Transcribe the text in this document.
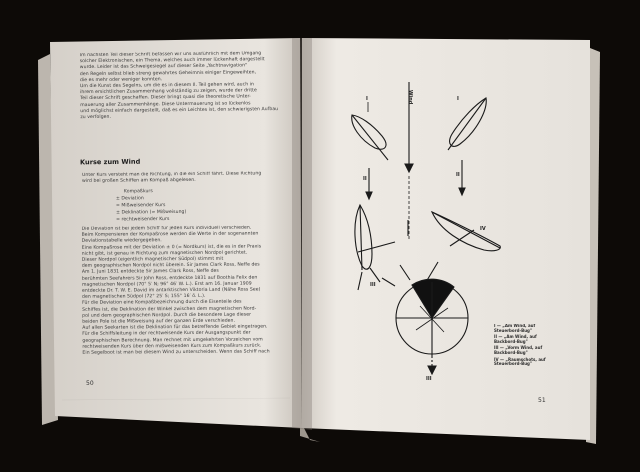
Im nächsten Teil dieser Schrift befassen wir uns ausführlich mit dem Umgang
solcher Elektronischen, ein Thema, welches auch immer lückenhaft dargestellt
wurde. Leider ist das Schweigesiegel auf dieser Seite „Yachtnavigation"
den Regeln selbst blieb streng gewahrtes Geheimnis einiger Eingeweihten,
die es mehr oder weniger konnten.
Um die Kunst des Segelns, um die es in diesem II. Teil gehen wird, auch in
ihrem ersichtlichen Zusammenhang vollständig zu zeigen, wurde der dritte
Teil dieser Schrift geschaffen. Dieser bringt quasi die theoretische Unter-
mauerung aller Zusammenhänge. Diese Untermauerung ist so lückenlos
und möglichst einfach dargestellt, daß es ein Leichtes ist, den schwierigsten Aufbau
zu verfolgen.
Kurse zum Wind
Unter Kurs versteht man die Richtung, in die ein Schiff fährt. Diese Richtung
wird bei großen Schiffen am Kompaß abgelesen.
Kompaßkurs
± Deviation
= Mißweisender Kurs
± Deklination (= Mißweisung)
= rechtweisender Kurs
Die Deviation ist bei jedem Schiff für jeden Kurs individuell verschieden.
Beim Kompensieren der Kompaßrose werden die Werte in der sogenannten
Deviationstabelle wiedergegeben.
Eine Kompaßrose mit der Deviation ± 0 (= Nordkurs) ist, die es in der Praxis
nicht gibt, ist genau in Richtung zum magnetischen Nordpol gerichtet.
Dieser Nordpol (eigentlich magnetischer Südpol) stimmt mit
dem geographischen Nordpol nicht überein. Sir James Clark Ross, Neffe des
Am 1. Juni 1831 entdeckte Sir James Clark Ross, Neffe des
berühmten Seefahrers Sir John Ross, entdeckte 1831 auf Boothia Felix den
magnetischen Nordpol (70° 5′ N; 96° 46′ W. L.). Erst am 16. Januar 1909
entdeckte Dr. T. W. E. David im antarktischen Viktoria Land (Nähe Ross See)
den magnetischen Südpol (72° 25′ S; 155° 16′ ö. L.).
Für die Deviation eine Kompaßbezeichnung durch die Eisenteile des
Schiffes ist, die Deklination der Winkel zwischen dem magnetischen Nord-
pol und dem geographischen Nordpol. Durch die besondere Lage dieser
beiden Pole ist die Mißweisung auf der ganzen Erde verschieden.
Auf allen Seekarten ist die Deklination für das betreffende Gebiet eingetragen.
Für die Schiffsleitung in der rechtweisende Kurs der Ausgangspunkt der
geographischen Berechnung. Man rechnet mit umgekehrten Vorzeichen vom
rechtweisenden Kurs über den mißweisenden Kurs zum Kompaßkurs zurück.
Ein Segelboot ist man bei diesem Wind zu unterscheiden. Wenn das Schiff nach
50
Wind
I	I
II
II
III
III
IV
I — „Am Wind, auf Steuerbord-Bug"
II — „Am Wind, auf Backbord-Bug"
III — „Vorm Wind, auf Backbord-Bug"
IV — „Raumschots, auf Steuerbord-Bug"
51
